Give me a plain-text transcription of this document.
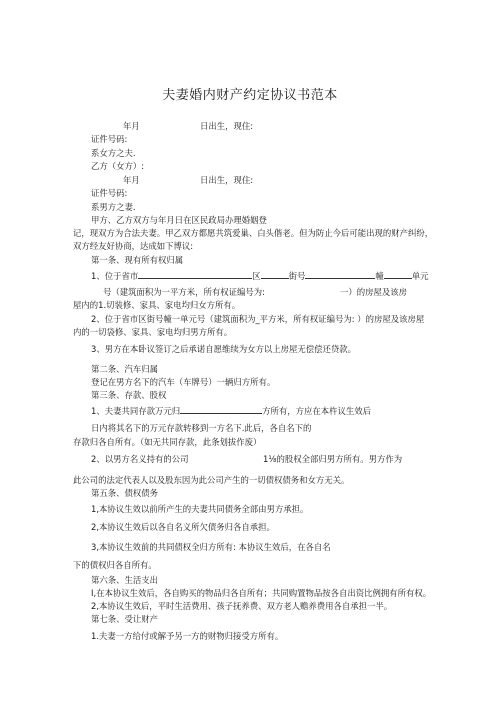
夫妻婚内财产约定协议书范本
年月	日出生，现住:
证件号码:
系女方之夫.
乙方（女方）:
年月	日出生，现住:
证件号码:
系男方之妻.
甲方、乙方双方与年月日在区民政局办理婚姻登
记，现双方为合法夫妻。甲乙双方都愿共筑爱巢、白头偕老。但为防止今后可能出现的财产纠纷，
双方经友好协商，达成如下博议:
第一条、现有所有权归属
1、位于省市	区	街号	幢	单元
号（建筑面积为一平方米，所有权证编号为:	一）的房屋及该房
屋内的1.切装修、家具、家电均归女方所有。
2、位于省市区街号幢一单元号（建筑面积为_平方米，所有权证编号为: ）的房屋及该房屋
内的一切袋修、家具、家电均归男方所有。
3、男方在本卧议签订之后承诺自愿维续为女方以上房屋无偿偿还贷款。
第二条、汽车归属
登记在男方名下的汽车（车牌号）一辆归方所有。
第三条、存款、股权
1、夫妻共同存款万元归	方所有，方应在本杵议生效后
日内将其名下的万元存款转移到一方名下.此后，各自名下的
存款归各自所有。（如无共同存款，此条划拔作废）
2、以男方名义持有的公司	1⅛的股权全部归男方所有。男方作为
此公司的法定代表人以及股东因为此公司产生的一切债权债务和女方无关。
第五条、债权债务
1,本协议生效以前所产生的夫妻共同债务全部由男方承担。
2,本协议生效后以各自名义所欠债务归各自承担。
3,本协议生效前的共同债权全归方所有: 本协议生效后，在各自名
下的债权归各自所有。
第六条、生活支出
I,在本协议生效后，各自购买的物品归各自所有；共同购置物品按各自出资比例拥有所有权。
2,本协议生效后，平时生活费用、孩子抚养费、双方老人赡养费用各自承担一半。
第七条、受让财产
1.夫妻一方给付或解予另一方的财物归接受方所有。
